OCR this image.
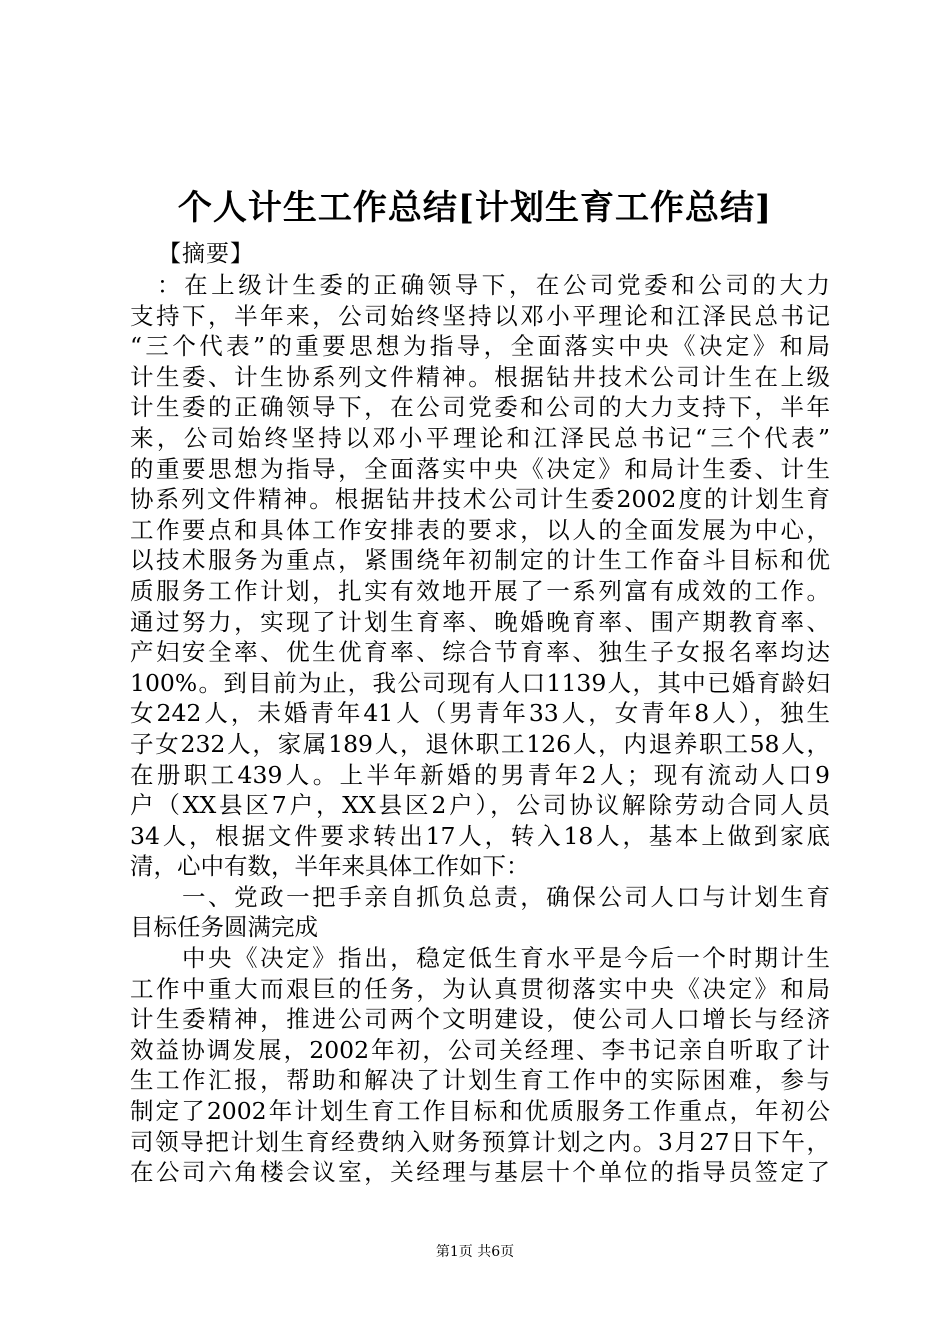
个人计生工作总结[计划生育工作总结]
【摘要】
　：在上级计生委的正确领导下，在公司党委和公司的大力
支持下，半年来，公司始终坚持以邓小平理论和江泽民总书记
“三个代表”的重要思想为指导，全面落实中央《决定》和局
计生委、计生协系列文件精神。根据钻井技术公司计生在上级
计生委的正确领导下，在公司党委和公司的大力支持下，半年
来，公司始终坚持以邓小平理论和江泽民总书记“三个代表”
的重要思想为指导，全面落实中央《决定》和局计生委、计生
协系列文件精神。根据钻井技术公司计生委2002度的计划生育
工作要点和具体工作安排表的要求，以人的全面发展为中心，
以技术服务为重点，紧围绕年初制定的计生工作奋斗目标和优
质服务工作计划，扎实有效地开展了一系列富有成效的工作。
通过努力，实现了计划生育率、晚婚晚育率、围产期教育率、
产妇安全率、优生优育率、综合节育率、独生子女报名率均达
100%。到目前为止，我公司现有人口1139人，其中已婚育龄妇
女242人，未婚青年41人（男青年33人，女青年8人），独生
子女232人，家属189人，退休职工126人，内退养职工58人，
在册职工439人。上半年新婚的男青年2人；现有流动人口9
户（XX县区7户，XX县区2户），公司协议解除劳动合同人员
34人，根据文件要求转出17人，转入18人，基本上做到家底
清，心中有数，半年来具体工作如下：
　　一、党政一把手亲自抓负总责，确保公司人口与计划生育
目标任务圆满完成
　　中央《决定》指出，稳定低生育水平是今后一个时期计生
工作中重大而艰巨的任务，为认真贯彻落实中央《决定》和局
计生委精神，推进公司两个文明建设，使公司人口增长与经济
效益协调发展，2002年初，公司关经理、李书记亲自听取了计
生工作汇报，帮助和解决了计划生育工作中的实际困难，参与
制定了2002年计划生育工作目标和优质服务工作重点，年初公
司领导把计划生育经费纳入财务预算计划之内。3月27日下午，
在公司六角楼会议室，关经理与基层十个单位的指导员签定了
第1页 共6页
